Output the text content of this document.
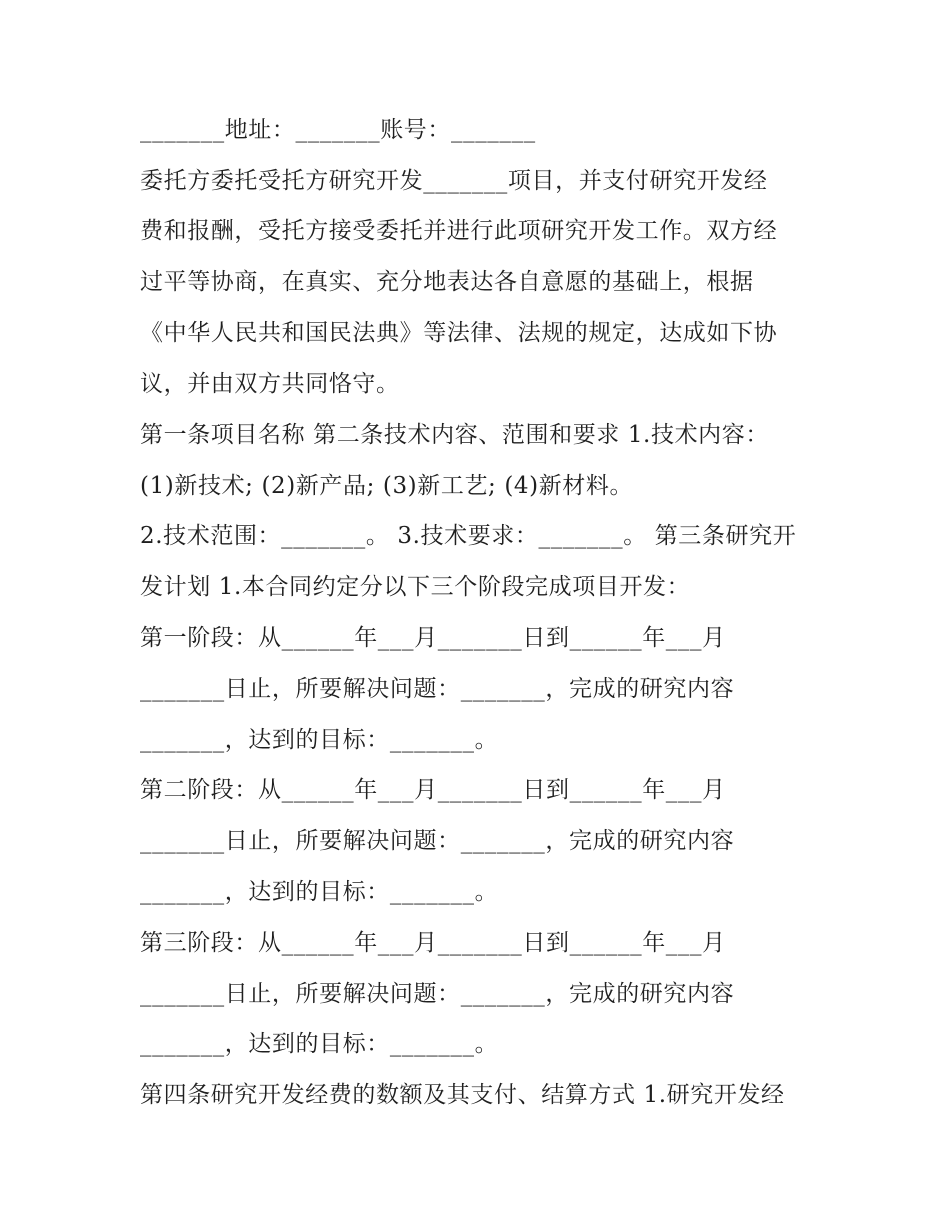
_______地址：_______账号：_______
委托方委托受托方研究开发_______项目，并支付研究开发经
费和报酬，受托方接受委托并进行此项研究开发工作。双方经
过平等协商，在真实、充分地表达各自意愿的基础上，根据
《中华人民共和国民法典》等法律、法规的规定，达成如下协
议，并由双方共同恪守。
第一条项目名称 第二条技术内容、范围和要求 1.技术内容：
(1)新技术; (2)新产品; (3)新工艺; (4)新材料。
2.技术范围：_______。 3.技术要求：_______。 第三条研究开
发计划 1.本合同约定分以下三个阶段完成项目开发：
第一阶段：从______年___月_______日到______年___月
_______日止，所要解决问题：_______，完成的研究内容
_______，达到的目标：_______。
第二阶段：从______年___月_______日到______年___月
_______日止，所要解决问题：_______，完成的研究内容
_______，达到的目标：_______。
第三阶段：从______年___月_______日到______年___月
_______日止，所要解决问题：_______，完成的研究内容
_______，达到的目标：_______。
第四条研究开发经费的数额及其支付、结算方式 1.研究开发经
